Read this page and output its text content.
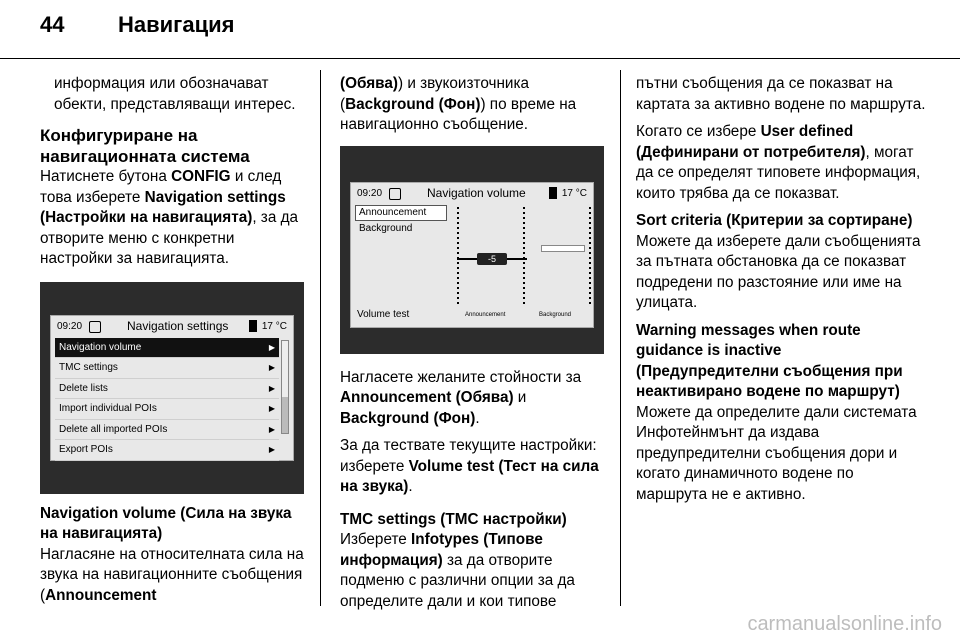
44 Навигация

информация или обозначават обекти, представляващи интерес.

Конфигуриране на навигационната система

Натиснете бутона CONFIG и след това изберете Navigation settings (Настройки на навигацията), за да отворите меню с конкретни настройки за навигацията.

09:20	Navigation settings	17 °C
Navigation volume	▶
TMC settings	▶
Delete lists	▶
Import individual POIs	▶
Delete all imported POIs	▶
Export POIs	▶

Navigation volume (Сила на звука на навигацията)

Нагласяне на относителната сила на звука на навигационните съобщения (Announcement

(Обява)) и звукоизточника (Background (Фон)) по време на навигационно съобщение.

09:20	Navigation volume	17 °C
Announcement
Background
-5
Volume test	Announcement	Background

Нагласете желаните стойности за Announcement (Обява) и Background (Фон).

За да тествате текущите настройки: изберете Volume test (Тест на сила на звука).

TMC settings (TMC настройки)

Изберете Infotypes (Типове информация) за да отворите подменю с различни опции за да определите дали и кои типове

пътни съобщения да се показват на картата за активно водене по маршрута.

Когато се избере User defined (Дефинирани от потребителя), могат да се определят типовете информация, които трябва да се показват.

Sort criteria (Критерии за сортиране)

Можете да изберете дали съобщенията за пътната обстановка да се показват подредени по разстояние или име на улицата.

Warning messages when route guidance is inactive (Предупредителни съобщения при неактивирано водене по маршрут)

Можете да определите дали системата Инфотейнмънт да издава предупредителни съобщения дори и когато динамичното водене по маршрута не е активно.

carmanualsonline.info
